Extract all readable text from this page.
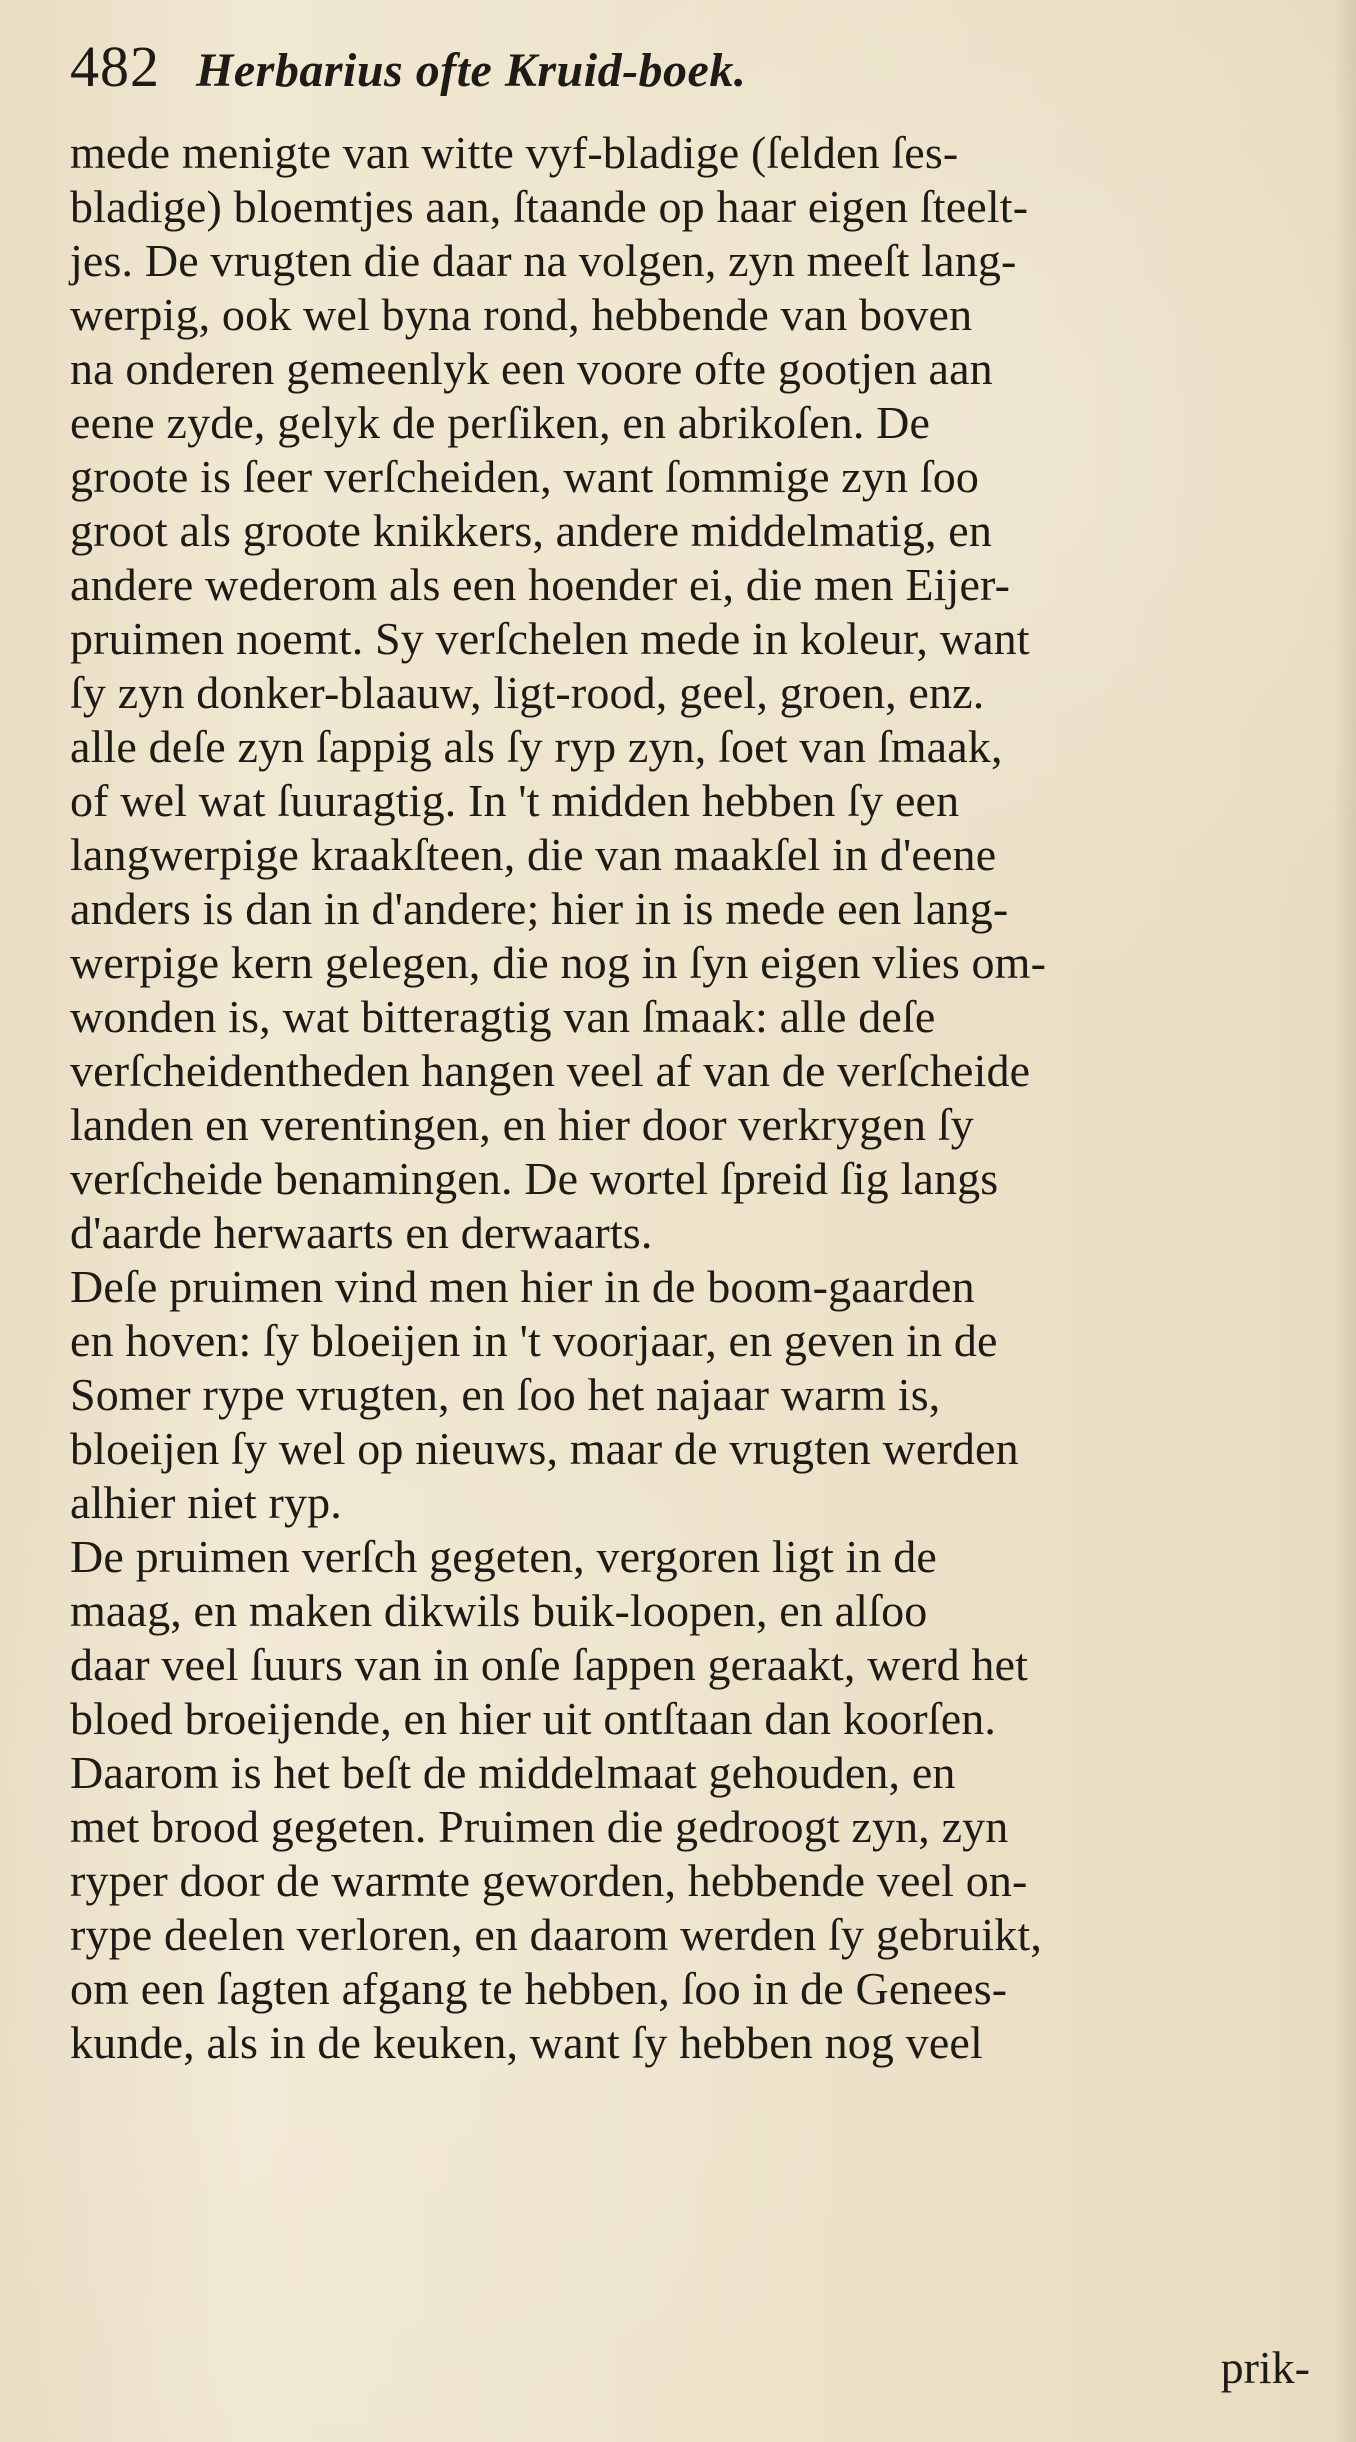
482 Herbarius ofte Kruid-boek.
mede menigte van witte vyf-bladige (ſelden ſes-
bladige) bloemtjes aan, ſtaande op haar eigen ſteelt-
jes. De vrugten die daar na volgen, zyn meeſt lang-
werpig, ook wel byna rond, hebbende van boven
na onderen gemeenlyk een voore ofte gootjen aan
eene zyde, gelyk de perſiken, en abrikoſen. De
groote is ſeer verſcheiden, want ſommige zyn ſoo
groot als groote knikkers, andere middelmatig, en
andere wederom als een hoender ei, die men Eijer-
pruimen noemt. Sy verſchelen mede in koleur, want
ſy zyn donker-blaauw, ligt-rood, geel, groen, enz.
alle deſe zyn ſappig als ſy ryp zyn, ſoet van ſmaak,
of wel wat ſuuragtig. In 't midden hebben ſy een
langwerpige kraakſteen, die van maakſel in d'eene
anders is dan in d'andere; hier in is mede een lang-
werpige kern gelegen, die nog in ſyn eigen vlies om-
wonden is, wat bitteragtig van ſmaak: alle deſe
verſcheidentheden hangen veel af van de verſcheide
landen en verentingen, en hier door verkrygen ſy
verſcheide benamingen. De wortel ſpreid ſig langs
d'aarde herwaarts en derwaarts.
Deſe pruimen vind men hier in de boom-gaarden
en hoven: ſy bloeijen in 't voorjaar, en geven in de
Somer rype vrugten, en ſoo het najaar warm is,
bloeijen ſy wel op nieuws, maar de vrugten werden
alhier niet ryp.
De pruimen verſch gegeten, vergoren ligt in de
maag, en maken dikwils buik-loopen, en alſoo
daar veel ſuurs van in onſe ſappen geraakt, werd het
bloed broeijende, en hier uit ontſtaan dan koorſen.
Daarom is het beſt de middelmaat gehouden, en
met brood gegeten. Pruimen die gedroogt zyn, zyn
ryper door de warmte geworden, hebbende veel on-
rype deelen verloren, en daarom werden ſy gebruikt,
om een ſagten afgang te hebben, ſoo in de Genees-
kunde, als in de keuken, want ſy hebben nog veel
prik-
